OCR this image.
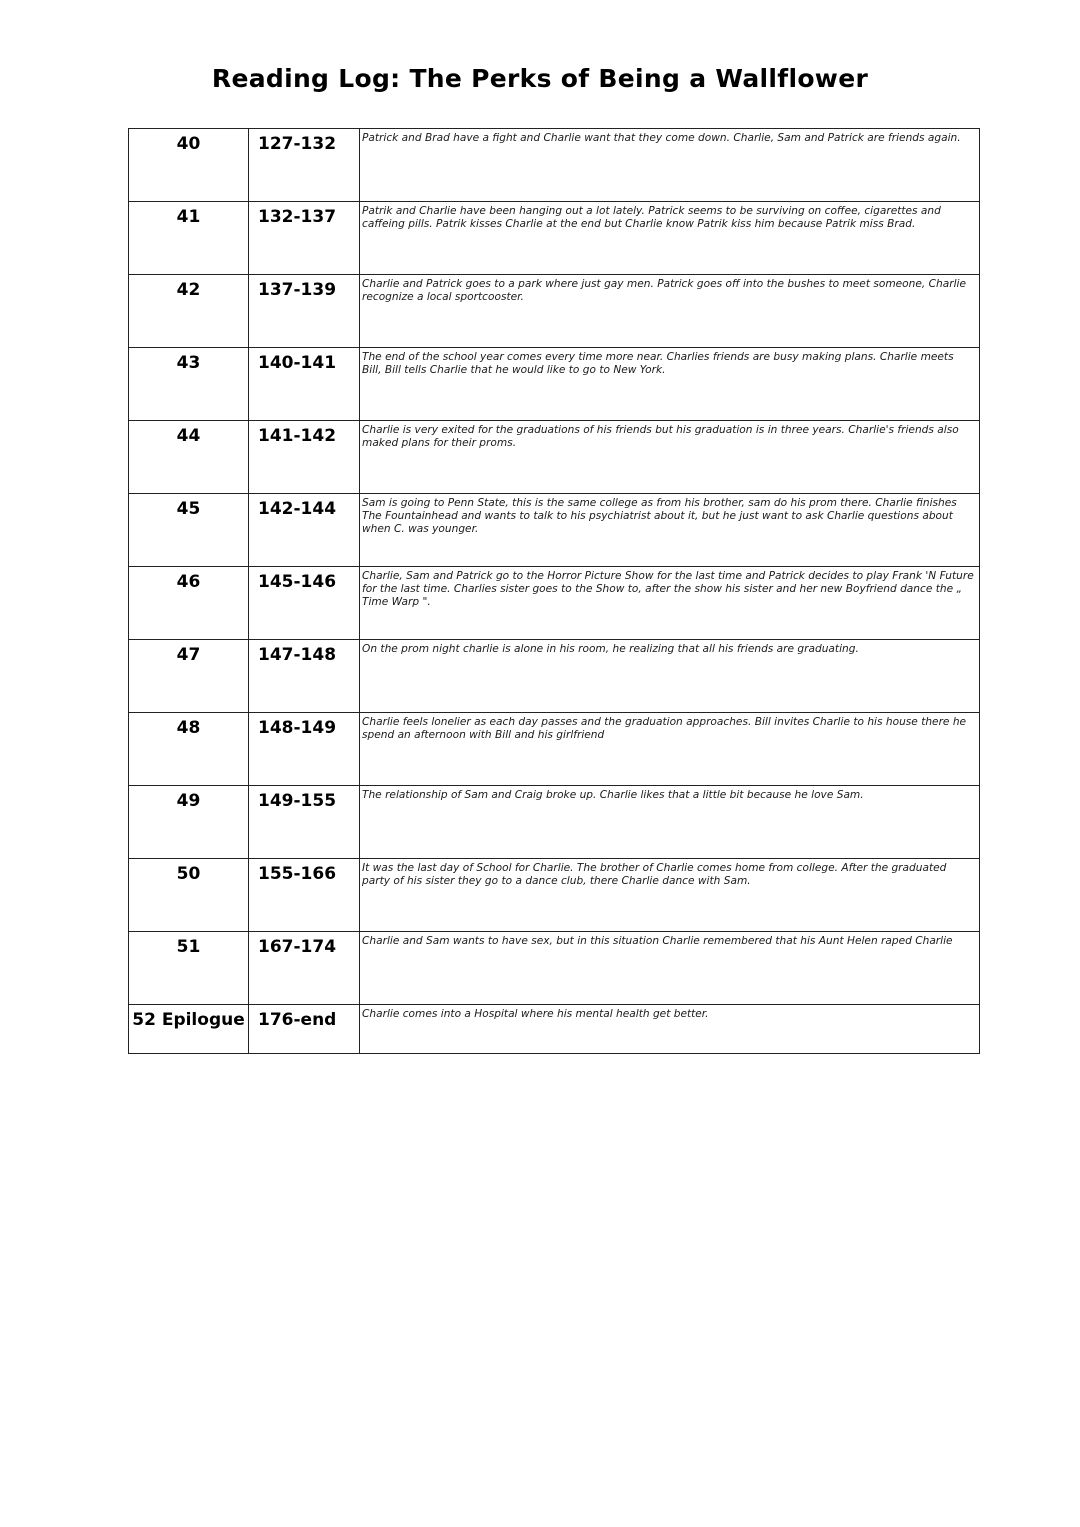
Reading Log: The Perks of Being a Wallflower
40	127-132	Patrick and Brad have a fight and Charlie want that they come down. Charlie, Sam and Patrick are friends again.

41	132-137	Patrik and Charlie have been hanging out a lot lately. Patrick seems to be surviving on coffee, cigarettes and caffeing pills. Patrik kisses Charlie at the end but Charlie know Patrik kiss him because Patrik miss Brad.

42	137-139	Charlie and Patrick goes to a park where just gay men. Patrick goes off into the bushes to meet someone, Charlie recognize a local sportcooster.

43	140-141	The end of the school year comes every time more near. Charlies friends are busy making plans. Charlie meets Bill, Bill tells Charlie that he would like to go to New York.

44	141-142	Charlie is very exited for the graduations of his friends but his graduation is in three years. Charlie's friends also maked plans for their proms.

45	142-144	Sam is going to Penn State, this is the same college as from his brother, sam do his prom there. Charlie finishes The Fountainhead and wants to talk to his psychiatrist about it, but he just want to ask Charlie questions about when C. was younger.

46	145-146	Charlie, Sam and Patrick go to the Horror Picture Show for the last time and Patrick decides to play Frank 'N Future for the last time. Charlies sister goes to the Show to, after the show his sister and her new Boyfriend dance the „ Time Warp ".

47	147-148	On the prom night charlie is alone in his room, he realizing that all his friends are graduating.

48	148-149	Charlie feels lonelier as each day passes and the graduation approaches. Bill invites Charlie to his house there he spend an afternoon with Bill and his girlfriend

49	149-155	The relationship of Sam and Craig broke up. Charlie likes that a little bit because he love Sam.

50	155-166	It was the last day of School for Charlie. The brother of Charlie comes home from college. After the graduated party of his sister they go to a dance club, there Charlie dance with Sam.

51	167-174	Charlie and Sam wants to have sex, but in this situation Charlie remembered that his Aunt Helen raped Charlie

52 Epilogue	176-end	Charlie comes into a Hospital where his mental health get better.
